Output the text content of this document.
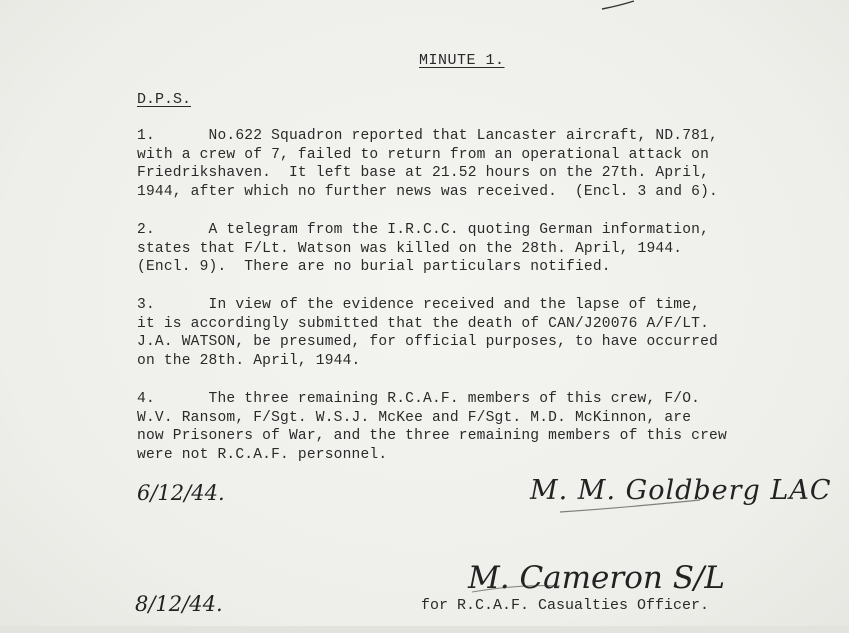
MINUTE 1.
D.P.S.
1.      No.622 Squadron reported that Lancaster aircraft, ND.781,
with a crew of 7, failed to return from an operational attack on
Friedrikshaven.  It left base at 21.52 hours on the 27th. April,
1944, after which no further news was received.  (Encl. 3 and 6).
2.      A telegram from the I.R.C.C. quoting German information,
states that F/Lt. Watson was killed on the 28th. April, 1944.
(Encl. 9).  There are no burial particulars notified.
3.      In view of the evidence received and the lapse of time,
it is accordingly submitted that the death of CAN/J20076 A/F/LT.
J.A. WATSON, be presumed, for official purposes, to have occurred
on the 28th. April, 1944.
4.      The three remaining R.C.A.F. members of this crew, F/O.
W.V. Ransom, F/Sgt. W.S.J. McKee and F/Sgt. M.D. McKinnon, are
now Prisoners of War, and the three remaining members of this crew
were not R.C.A.F. personnel.
6/12/44.	M. M. Goldberg LAC
8/12/44.
M. Cameron S/L
for R.C.A.F. Casualties Officer.
